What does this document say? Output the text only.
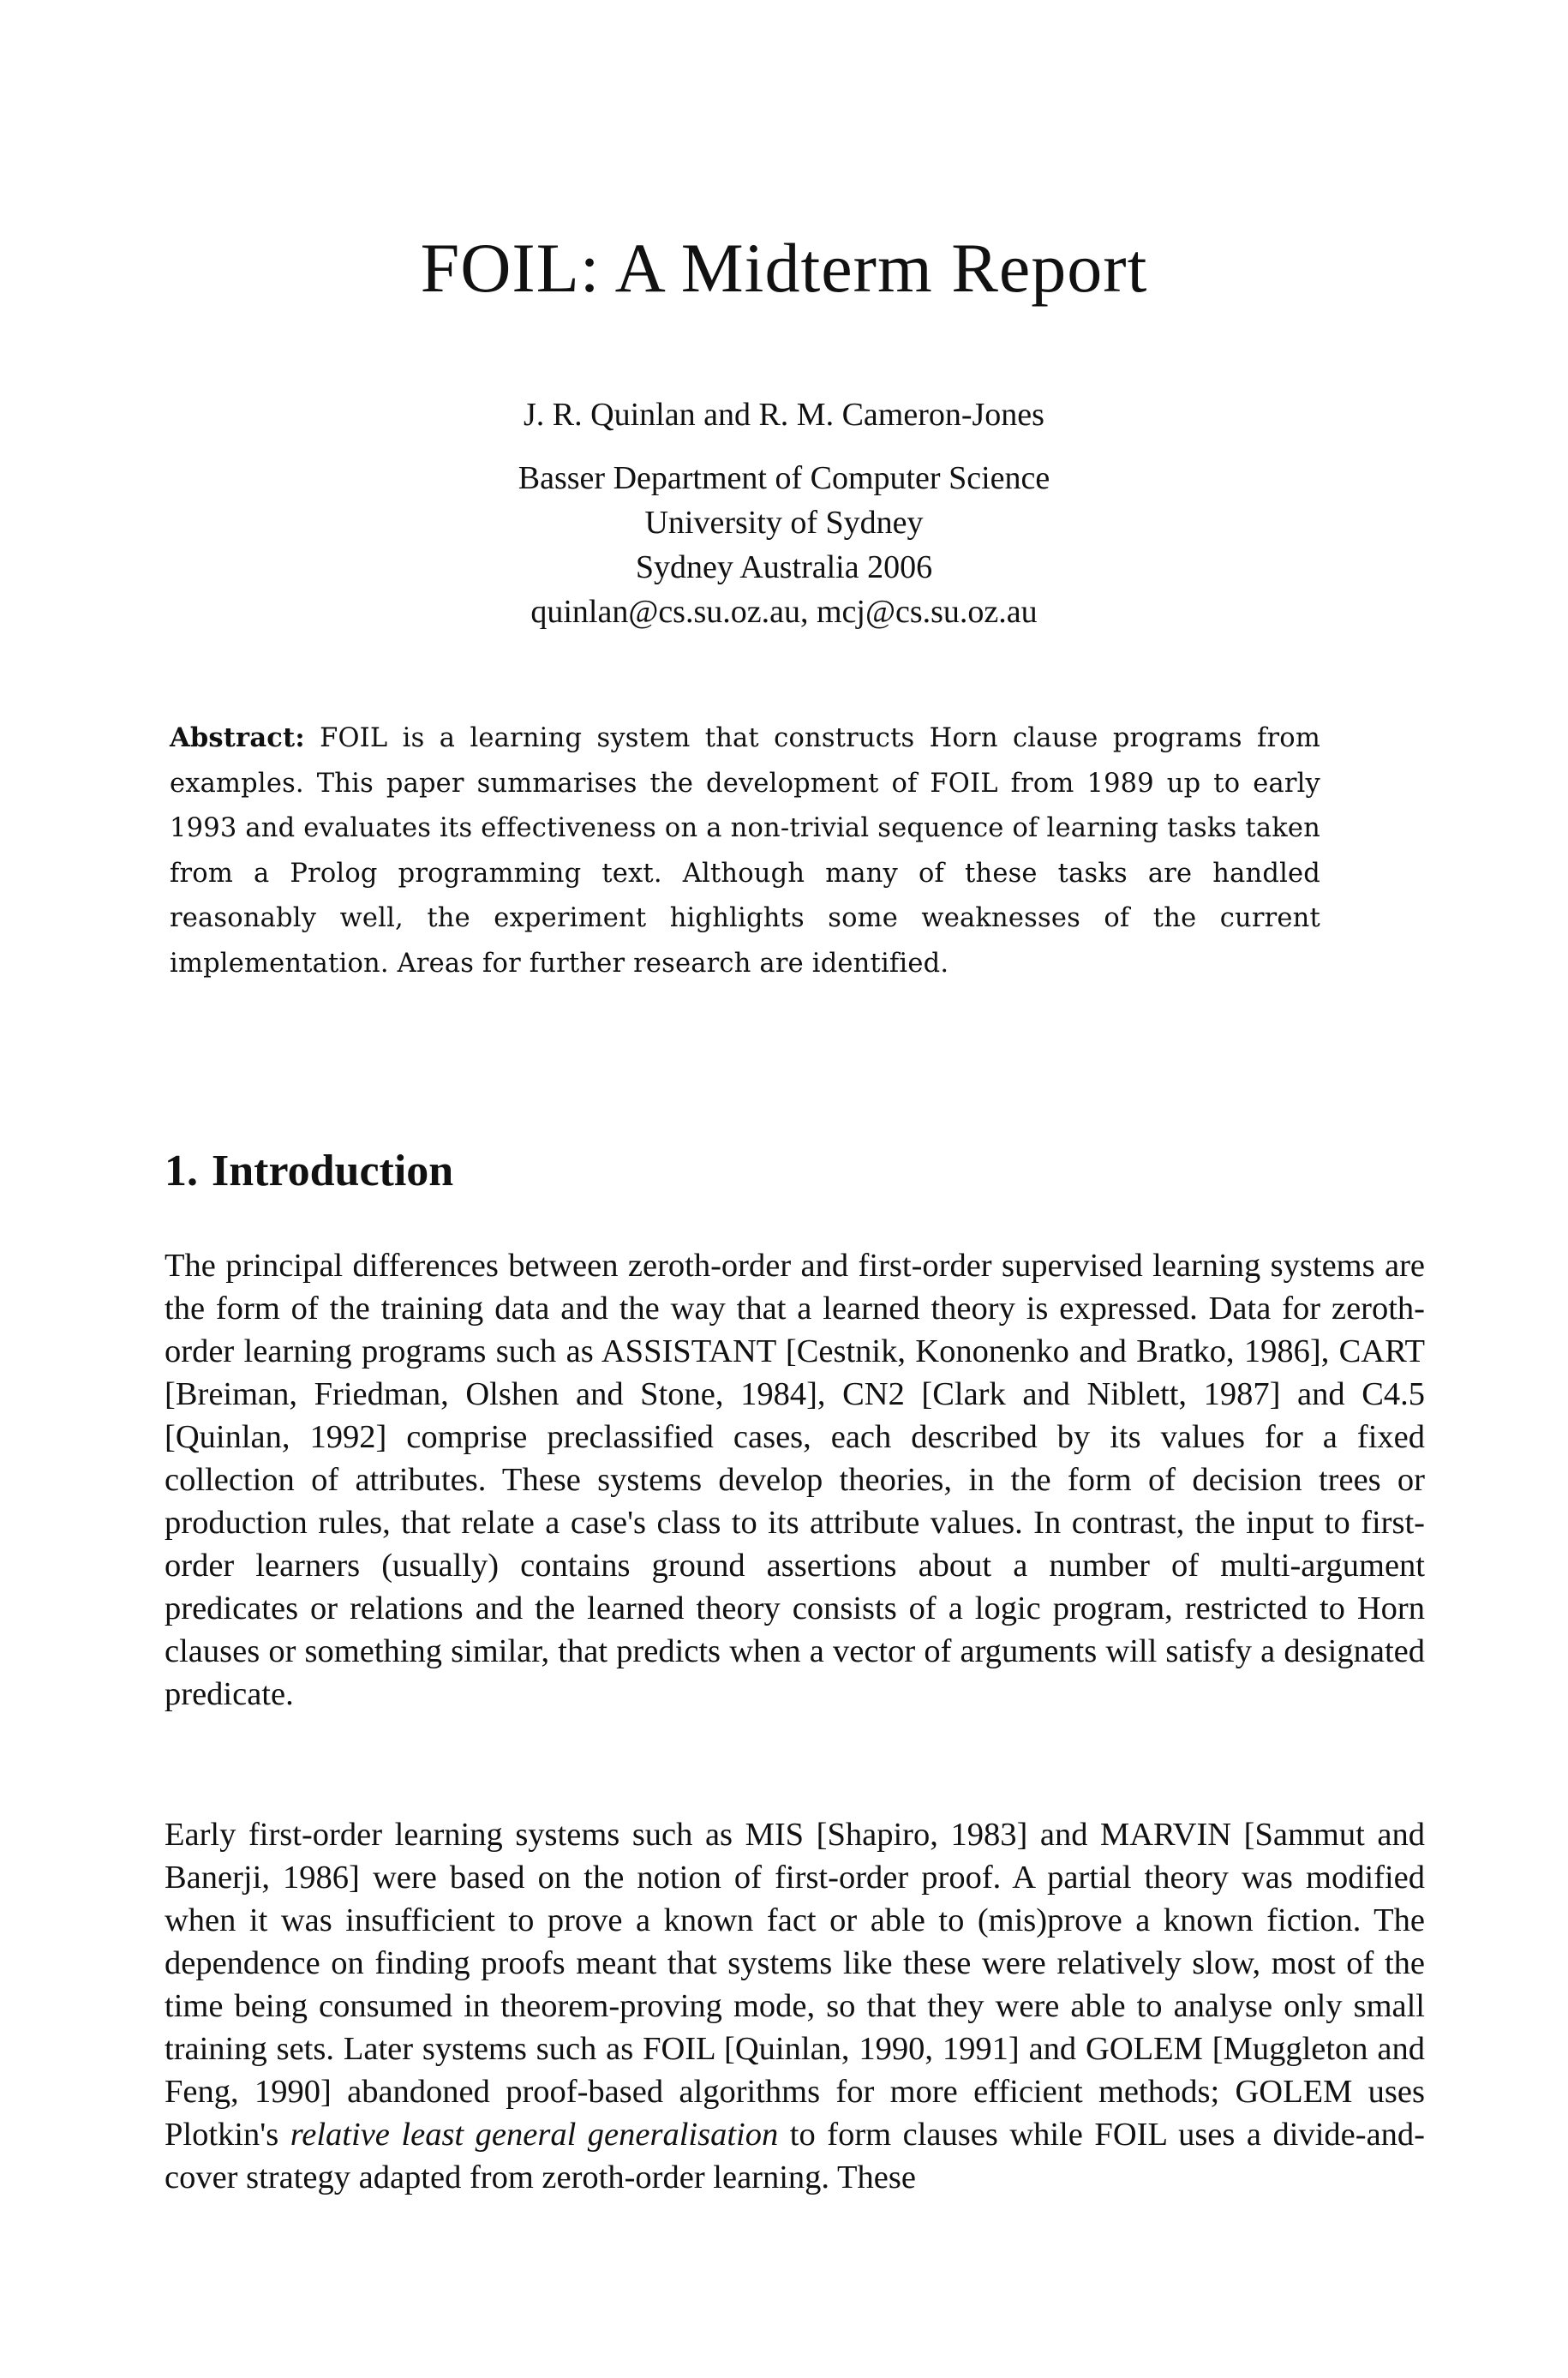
FOIL: A Midterm Report
J. R. Quinlan and R. M. Cameron-Jones
Basser Department of Computer Science
University of Sydney
Sydney Australia 2006
quinlan@cs.su.oz.au, mcj@cs.su.oz.au
Abstract: FOIL is a learning system that constructs Horn clause programs from examples. This paper summarises the development of FOIL from 1989 up to early 1993 and evaluates its effectiveness on a non-trivial sequence of learning tasks taken from a Prolog programming text. Although many of these tasks are handled reasonably well, the experiment highlights some weaknesses of the current implementation. Areas for further research are identified.
1. Introduction
The principal differences between zeroth-order and first-order supervised learning systems are the form of the training data and the way that a learned theory is expressed. Data for zeroth-order learning programs such as ASSISTANT [Cestnik, Kononenko and Bratko, 1986], CART [Breiman, Friedman, Olshen and Stone, 1984], CN2 [Clark and Niblett, 1987] and C4.5 [Quinlan, 1992] comprise preclassified cases, each described by its values for a fixed collection of attributes. These systems develop theories, in the form of decision trees or production rules, that relate a case's class to its attribute values. In contrast, the input to first-order learners (usually) contains ground assertions about a number of multi-argument predicates or relations and the learned theory consists of a logic program, restricted to Horn clauses or something similar, that predicts when a vector of arguments will satisfy a designated predicate.
Early first-order learning systems such as MIS [Shapiro, 1983] and MARVIN [Sammut and Banerji, 1986] were based on the notion of first-order proof. A partial theory was modified when it was insufficient to prove a known fact or able to (mis)prove a known fiction. The dependence on finding proofs meant that systems like these were relatively slow, most of the time being consumed in theorem-proving mode, so that they were able to analyse only small training sets. Later systems such as FOIL [Quinlan, 1990, 1991] and GOLEM [Muggleton and Feng, 1990] abandoned proof-based algorithms for more efficient methods; GOLEM uses Plotkin's relative least general generalisation to form clauses while FOIL uses a divide-and-cover strategy adapted from zeroth-order learning. These
